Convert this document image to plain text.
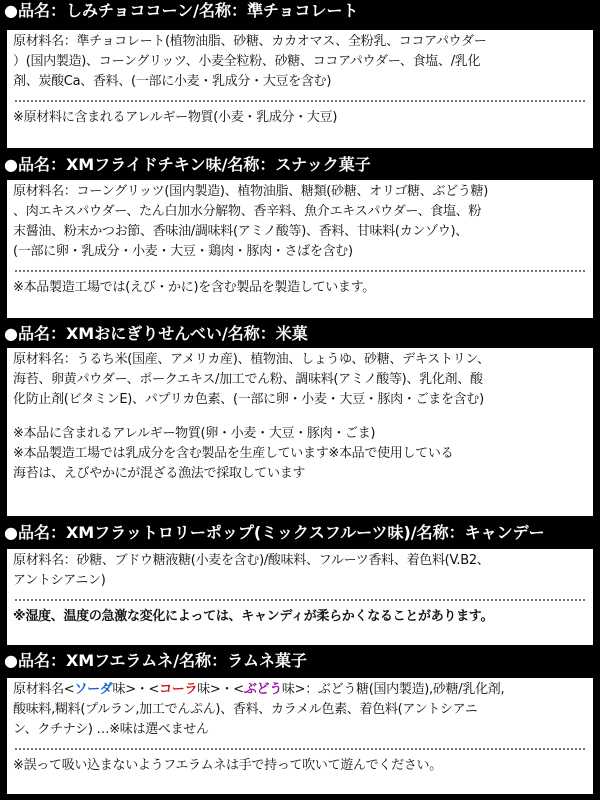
●品名：しみチョココーン/名称：準チョコレート
原材料名：準チョコレート(植物油脂、砂糖、カカオマス、全粉乳、ココアパウダー
）(国内製造)、コーングリッツ、小麦全粒粉、砂糖、ココアパウダー、食塩、/乳化
剤、炭酸Ca、香料、(一部に小麦・乳成分・大豆を含む)
※原材料に含まれるアレルギー物質(小麦・乳成分・大豆)
●品名：XMフライドチキン味/名称：スナック菓子
原材料名：コーングリッツ(国内製造)、植物油脂、糖類(砂糖、オリゴ糖、ぶどう糖)
、肉エキスパウダー、たん白加水分解物、香辛料、魚介エキスパウダー、食塩、粉
末醤油、粉末かつお節、香味油/調味料(アミノ酸等)、香料、甘味料(カンゾウ)、
(一部に卵・乳成分・小麦・大豆・鶏肉・豚肉・さばを含む)
※本品製造工場では(えび・かに)を含む製品を製造しています。
●品名：XMおにぎりせんべい/名称：米菓
原材料名：うるち米(国産、アメリカ産)、植物油、しょうゆ、砂糖、デキストリン、
海苔、卵黄パウダー、ポークエキス/加工でん粉、調味料(アミノ酸等)、乳化剤、酸
化防止剤(ビタミンE)、パプリカ色素、(一部に卵・小麦・大豆・豚肉・ごまを含む)
※本品に含まれるアレルギー物質(卵・小麦・大豆・豚肉・ごま)
※本品製造工場では乳成分を含む製品を生産しています※本品で使用している
海苔は、えびやかにが混ざる漁法で採取しています
●品名：XMフラットロリーポップ(ミックスフルーツ味)/名称：キャンデー
原材料名：砂糖、ブドウ糖液糖(小麦を含む)/酸味料、フルーツ香料、着色料(V.B2、
アントシアニン)
※湿度、温度の急激な変化によっては、キャンディが柔らかくなることがあります。
●品名：XMフエラムネ/名称：ラムネ菓子
原材料名<ソーダ味>・<コーラ味>・<ぶどう味>：ぶどう糖(国内製造),砂糖/乳化剤,
酸味料,糊料(プルラン,加工でんぷん)、香料、カラメル色素、着色料(アントシアニ
ン、クチナシ) …※味は選べません
※誤って吸い込まないようフエラムネは手で持って吹いて遊んでください。
